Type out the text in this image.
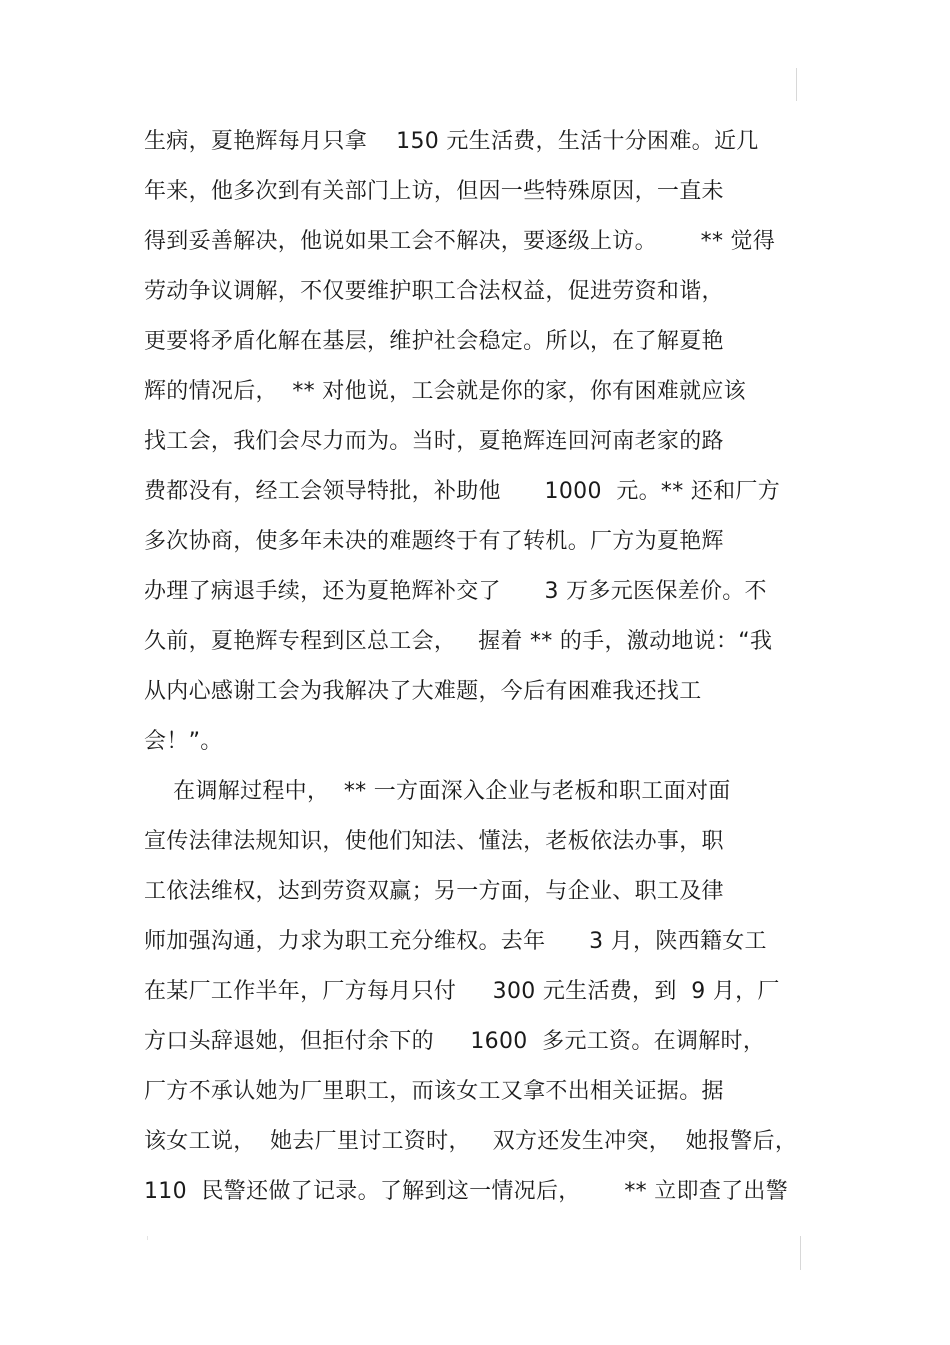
生病，夏艳辉每月只拿    150 元生活费，生活十分困难。近几
年来，他多次到有关部门上访，但因一些特殊原因，一直未
得到妥善解决，他说如果工会不解决，要逐级上访。      ** 觉得
劳动争议调解，不仅要维护职工合法权益，促进劳资和谐，
更要将矛盾化解在基层，维护社会稳定。所以，在了解夏艳
辉的情况后，  ** 对他说，工会就是你的家，你有困难就应该
找工会，我们会尽力而为。当时，夏艳辉连回河南老家的路
费都没有，经工会领导特批，补助他      1000  元。** 还和厂方
多次协商，使多年未决的难题终于有了转机。厂方为夏艳辉
办理了病退手续，还为夏艳辉补交了      3 万多元医保差价。不
久前，夏艳辉专程到区总工会，   握着 ** 的手，激动地说：“我
从内心感谢工会为我解决了大难题，今后有困难我还找工
会！”。
在调解过程中，  ** 一方面深入企业与老板和职工面对面
宣传法律法规知识，使他们知法、懂法，老板依法办事，职
工依法维权，达到劳资双赢；另一方面，与企业、职工及律
师加强沟通，力求为职工充分维权。去年      3 月，陕西籍女工
在某厂工作半年，厂方每月只付     300 元生活费，到  9 月，厂
方口头辞退她，但拒付余下的     1600  多元工资。在调解时，
厂方不承认她为厂里职工，而该女工又拿不出相关证据。据
该女工说，  她去厂里讨工资时，   双方还发生冲突，  她报警后，
110  民警还做了记录。了解到这一情况后，      ** 立即查了出警
